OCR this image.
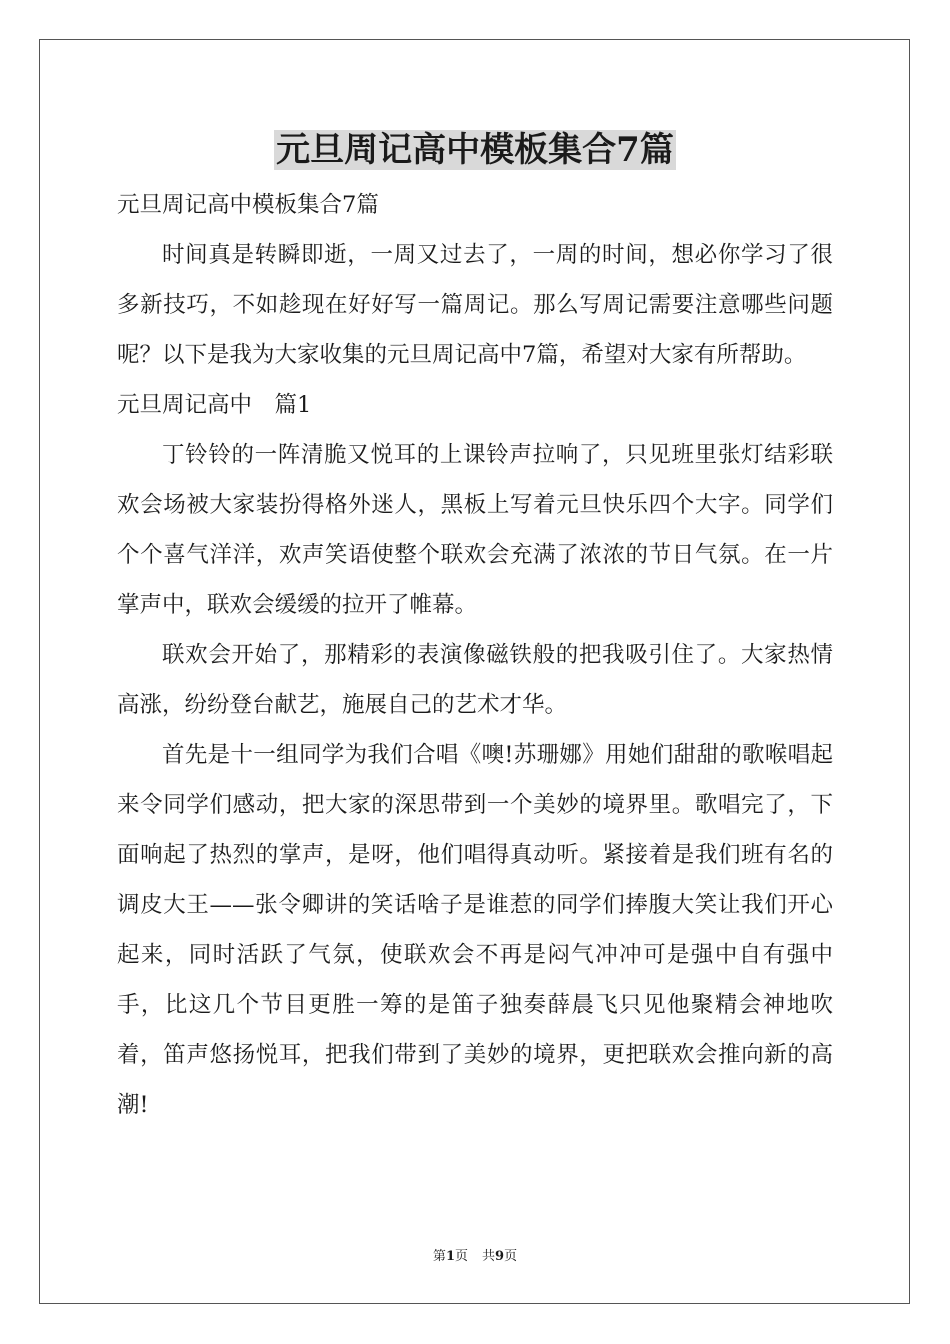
元旦周记高中模板集合7篇

元旦周记高中模板集合7篇

时间真是转瞬即逝，一周又过去了，一周的时间，想必你学习了很多新技巧，不如趁现在好好写一篇周记。那么写周记需要注意哪些问题呢？以下是我为大家收集的元旦周记高中7篇，希望对大家有所帮助。

元旦周记高中　篇1

丁铃铃的一阵清脆又悦耳的上课铃声拉响了，只见班里张灯结彩联欢会场被大家装扮得格外迷人，黑板上写着元旦快乐四个大字。同学们个个喜气洋洋，欢声笑语使整个联欢会充满了浓浓的节日气氛。在一片掌声中，联欢会缓缓的拉开了帷幕。

联欢会开始了，那精彩的表演像磁铁般的把我吸引住了。大家热情高涨，纷纷登台献艺，施展自己的艺术才华。

首先是十一组同学为我们合唱《噢!苏珊娜》用她们甜甜的歌喉唱起来令同学们感动，把大家的深思带到一个美妙的境界里。歌唱完了，下面响起了热烈的掌声，是呀，他们唱得真动听。紧接着是我们班有名的调皮大王——张令卿讲的笑话啥子是谁惹的同学们捧腹大笑让我们开心起来，同时活跃了气氛，使联欢会不再是闷气冲冲可是强中自有强中手，比这几个节目更胜一筹的是笛子独奏薛晨飞只见他聚精会神地吹着，笛声悠扬悦耳，把我们带到了美妙的境界，更把联欢会推向新的高潮!

第1页 共9页
